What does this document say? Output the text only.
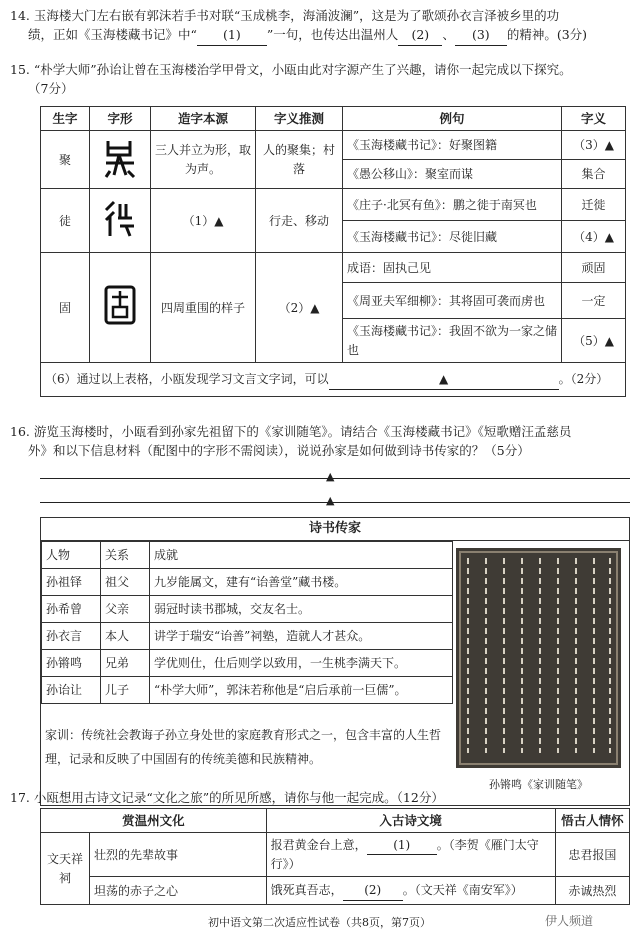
14. 玉海楼大门左右嵌有郭沫若手书对联“玉成桃李，海涌波澜”，这是为了歌颂孙衣言泽被乡里的功
绩，正如《玉海楼藏书记》中“ (1) ”一句，也传达出温州人 (2) 、 (3) 的精神。(3分)
15. “朴学大师”孙诒让曾在玉海楼治学甲骨文，小瓯由此对字源产生了兴趣，请你一起完成以下探究。
（7分）
生字	字形	造字本源	字义推测	例句	字义
聚		三人并立为形，取为声。	人的聚集；村落	《玉海楼藏书记》：好聚图籍	（3）▲
				《愚公移山》：聚室而谋	集合
徒		（1）▲	行走、移动	《庄子·北冥有鱼》：鹏之徙于南冥也	迁徙
				《玉海楼藏书记》：尽徙旧藏	（4）▲
固		四周重围的样子	（2）▲	成语：固执己见	顽固
				《周亚夫军细柳》：其将固可袭而虏也	一定
				《玉海楼藏书记》：我固不欲为一家之储也	（5）▲
（6）通过以上表格，小瓯发现学习文言文字词，可以 ▲ 。（2分）					
16. 游览玉海楼时，小瓯看到孙家先祖留下的《家训随笔》。请结合《玉海楼藏书记》《短歌赠汪孟慈员
外》和以下信息材料（配图中的字形不需阅读），说说孙家是如何做到诗书传家的？（5分）
▲
▲
诗书传家
人物	关系	成就
孙祖铎	祖父	九岁能属文，建有“诒善堂”藏书楼。
孙希曾	父亲	弱冠时读书郡城，交友名士。
孙衣言	本人	讲学于瑞安“诒善”祠塾，造就人才甚众。
孙锵鸣	兄弟	学优则仕，仕后则学以致用，一生桃李满天下。
孙诒让	儿子	“朴学大师”，郭沫若称他是“启后承前一巨儒”。
家训：传统社会教诲子孙立身处世的家庭教育形式之一，包含丰富的人生哲理，记录和反映了中国固有的传统美德和民族精神。
孙锵鸣《家训随笔》
17. 小瓯想用古诗文记录“文化之旅”的所见所感，请你与他一起完成。（12分）
赏温州文化		入古诗文境	悟古人情怀
文天祥祠	壮烈的先辈故事	报君黄金台上意， (1) 。（李贺《雁门太守行》）	忠君报国
	坦荡的赤子之心	饿死真吾志， (2) 。（文天祥《南安军》）	赤诚热烈
初中语文第二次适应性试卷（共8页，第7页）	伊人频道
